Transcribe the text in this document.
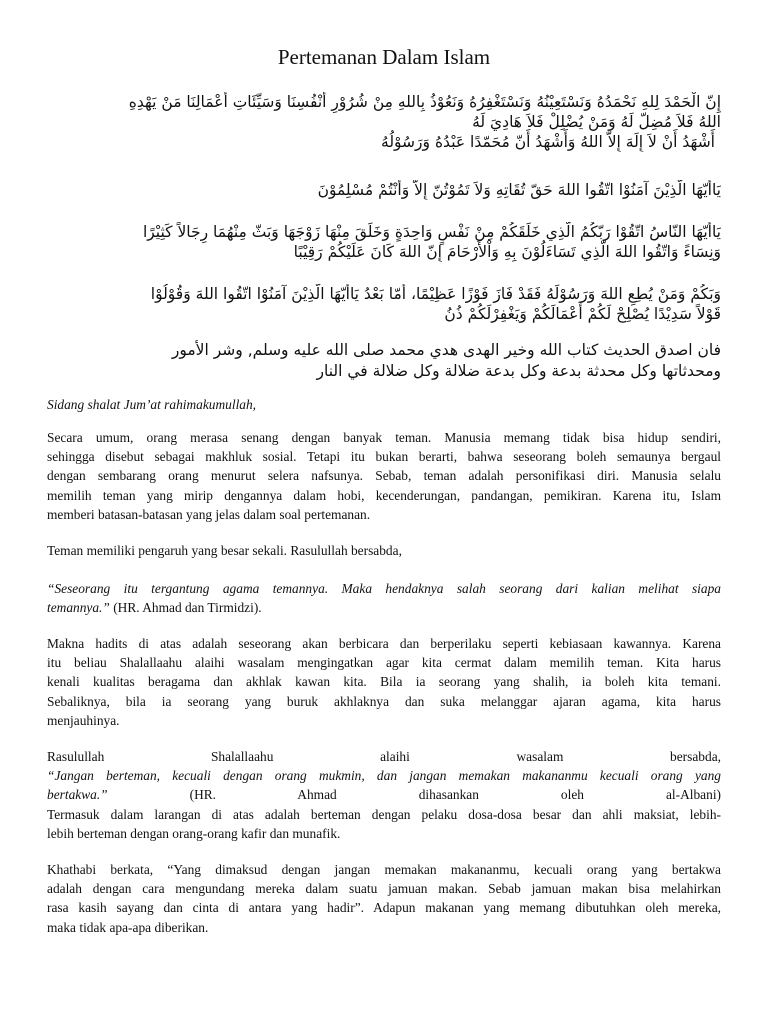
Pertemanan Dalam Islam
إِنّ الْحَمْدَ لِلهِ نَحْمَدُهُ وَنَسْتَعِيْنُهُ وَنَسْتَغْفِرُهُ وَنَعُوْذُ بِاللهِ مِنْ شُرُوْرِ أَنْفُسِنَا وَسَيِّئَاتِ أَعْمَالِنَا مَنْ يَهْدِهِ
اللهُ فَلاَ مُضِلّ لَهُ وَمَنْ يُضْلِلْ فَلاَ هَادِيَ لَهُ
أَشْهَدُ أَنْ لاَ إِلَهَ إِلاّ اللهُ وَأَشْهَدُ أَنّ مُحَمّدًا عَبْدُهُ وَرَسُوْلُهُ
يَاأَيّهَا الّذِيْنَ آمَنُوْا اتّقُوا اللهَ حَقّ تُقَاتِهِ وَلاَ تَمُوْتُنّ إِلاّ وَأَنْتُمْ مُسْلِمُوْنَ
يَاأَيّهَا النّاسُ اتّقُوْا رَبّكُمُ الّذِي خَلَقَكُمْ مِنْ نَفْسٍ وَاحِدَةٍ وَخَلَقَ مِنْهَا زَوْجَهَا وَبَثّ مِنْهُمَا رِجَالاً كَثِيْرًا
وَنِسَاءً وَاتّقُوا اللهَ الّذِي تَسَاءَلُوْنَ بِهِ وَاْلأَرْحَامَ إِنّ اللهَ كَانَ عَلَيْكُمْ رَقِيْبًا
وَبَكُمْ وَمَنْ يُطِعِ اللهَ وَرَسُوْلَهُ فَقَدْ فَازَ فَوْزًا عَظِيْمًا، أَمّا بَعْدُ يَاأَيّهَا الّذِيْنَ آمَنُوْا اتّقُوا اللهَ وَقُوْلُوْا
قَوْلاً سَدِيْدًا يُصْلِحْ لَكُمْ أَعْمَالَكُمْ وَيَغْفِرْلَكُمْ ذُنُ
فان اصدق الحديث كتاب الله وخير الهدى هدي محمد صلى الله عليه وسلم, وشر الأمور
ومحدثاتها وكل محدثة بدعة وكل بدعة ضلالة وكل ضلالة في النار
Sidang shalat Jum’at rahimakumullah,
Secara umum, orang merasa senang dengan banyak teman. Manusia memang tidak bisa hidup sendiri,
sehingga disebut sebagai makhluk sosial. Tetapi itu bukan berarti, bahwa seseorang boleh semaunya bergaul
dengan sembarang orang menurut selera nafsunya. Sebab, teman adalah personifikasi diri. Manusia selalu
memilih teman yang mirip dengannya dalam hobi, kecenderungan, pandangan, pemikiran. Karena itu, Islam
memberi batasan-batasan yang jelas dalam soal pertemanan.
Teman memiliki pengaruh yang besar sekali. Rasulullah bersabda,
“Seseorang itu tergantung agama temannya. Maka hendaknya salah seorang dari kalian melihat siapa
temannya.” (HR. Ahmad dan Tirmidzi).
Makna hadits di atas adalah seseorang akan berbicara dan berperilaku seperti kebiasaan kawannya. Karena
itu beliau Shalallaahu alaihi wasalam mengingatkan agar kita cermat dalam memilih teman. Kita harus
kenali kualitas beragama dan akhlak kawan kita. Bila ia seorang yang shalih, ia boleh kita temani.
Sebaliknya, bila ia seorang yang buruk akhlaknya dan suka melanggar ajaran agama, kita harus
menjauhinya.
Rasulullah	Shalallaahu	alaihi	wasalam	bersabda,
“Jangan berteman, kecuali dengan orang mukmin, dan jangan memakan makananmu kecuali orang yang
bertakwa.”	(HR.	Ahmad	dihasankan	oleh	al-Albani)
Termasuk dalam larangan di atas adalah berteman dengan pelaku dosa-dosa besar dan ahli maksiat, lebih-
lebih berteman dengan orang-orang kafir dan munafik.
Khathabi berkata, “Yang dimaksud dengan jangan memakan makananmu, kecuali orang yang bertakwa
adalah dengan cara mengundang mereka dalam suatu jamuan makan. Sebab jamuan makan bisa melahirkan
rasa kasih sayang dan cinta di antara yang hadir”. Adapun makanan yang memang dibutuhkan oleh mereka,
maka tidak apa-apa diberikan.
